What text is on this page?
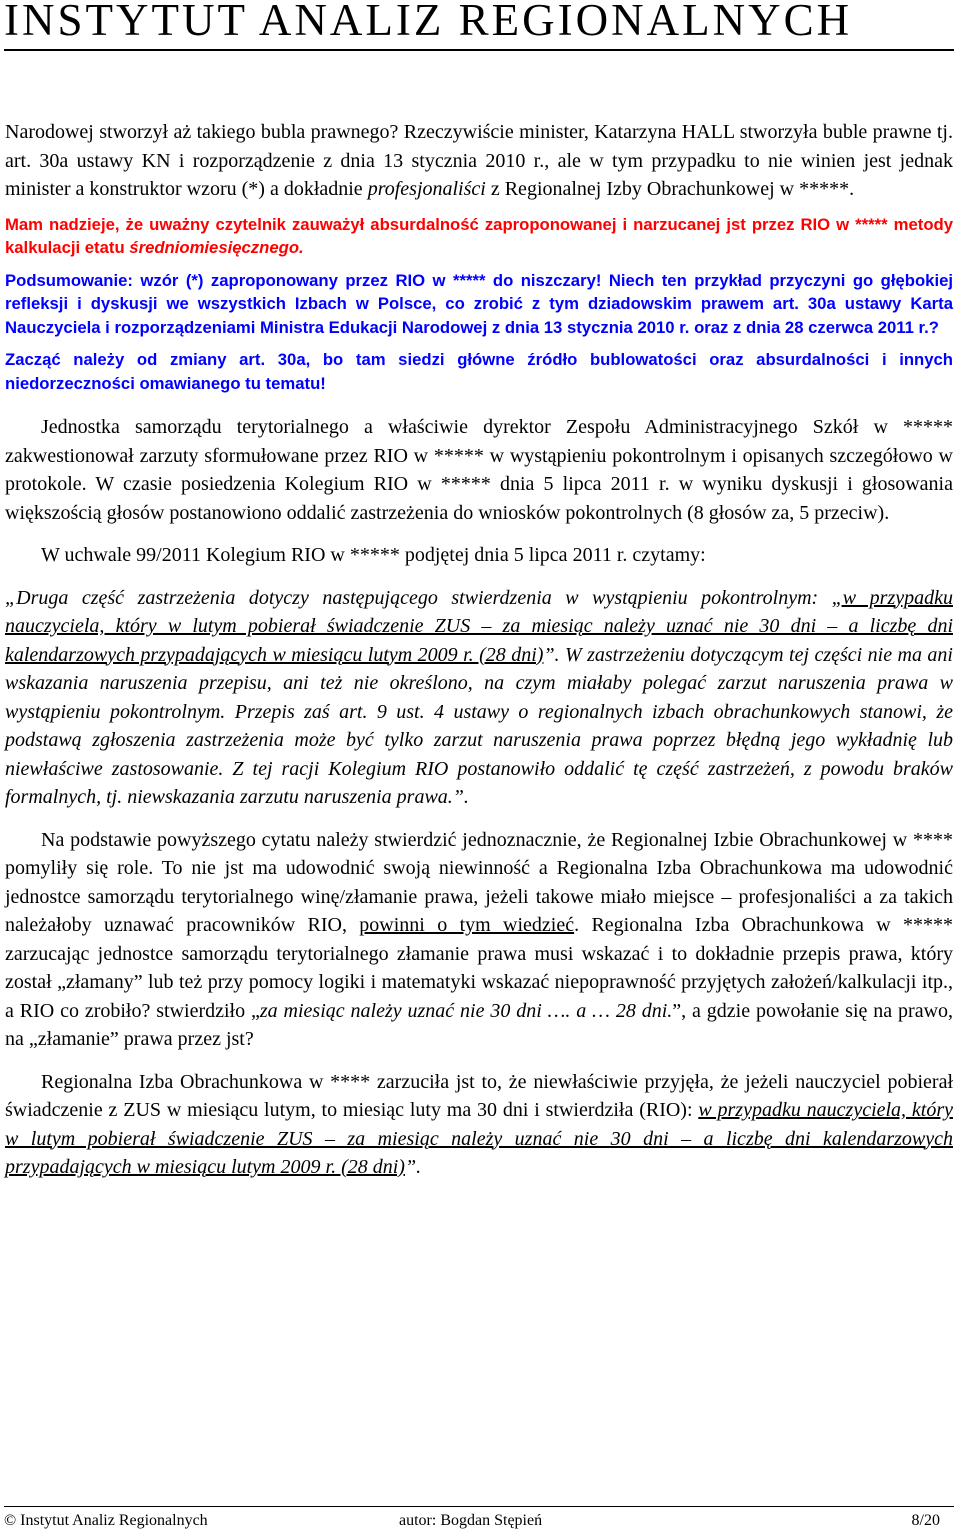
INSTYTUT ANALIZ REGIONALNYCH

Narodowej stworzył aż takiego bubla prawnego? Rzeczywiście minister, Katarzyna HALL stworzyła buble prawne tj. art. 30a ustawy KN i rozporządzenie z dnia 13 stycznia 2010 r., ale w tym przypadku to nie winien jest jednak minister a konstruktor wzoru (*) a dokładnie profesjonaliści z Regionalnej Izby Obrachunkowej w *****.

Mam nadzieje, że uważny czytelnik zauważył absurdalność zaproponowanej i narzucanej jst przez RIO w ***** metody kalkulacji etatu średniomiesięcznego.

Podsumowanie: wzór (*) zaproponowany przez RIO w ***** do niszczary! Niech ten przykład przyczyni go głębokiej refleksji i dyskusji we wszystkich Izbach w Polsce, co zrobić z tym dziadowskim prawem art. 30a ustawy Karta Nauczyciela i rozporządzeniami Ministra Edukacji Narodowej z dnia 13 stycznia 2010 r. oraz z dnia 28 czerwca 2011 r.?

Zacząć należy od zmiany art. 30a, bo tam siedzi główne źródło bublowatości oraz absurdalności i innych niedorzeczności omawianego tu tematu!

Jednostka samorządu terytorialnego a właściwie dyrektor Zespołu Administracyjnego Szkół w ***** zakwestionował zarzuty sformułowane przez RIO w ***** w wystąpieniu pokontrolnym i opisanych szczegółowo w protokole. W czasie posiedzenia Kolegium RIO w ***** dnia 5 lipca 2011 r. w wyniku dyskusji i głosowania większością głosów postanowiono oddalić zastrzeżenia do wniosków pokontrolnych (8 głosów za, 5 przeciw).

W uchwale 99/2011 Kolegium RIO w ***** podjętej dnia 5 lipca 2011 r. czytamy:

„Druga część zastrzeżenia dotyczy następującego stwierdzenia w wystąpieniu pokontrolnym: „w przypadku nauczyciela, który w lutym pobierał świadczenie ZUS – za miesiąc należy uznać nie 30 dni – a liczbę dni kalendarzowych przypadających w miesiącu lutym 2009 r. (28 dni)”. W zastrzeżeniu dotyczącym tej części nie ma ani wskazania naruszenia przepisu, ani też nie określono, na czym miałaby polegać zarzut naruszenia prawa w wystąpieniu pokontrolnym. Przepis zaś art. 9 ust. 4 ustawy o regionalnych izbach obrachunkowych stanowi, że podstawą zgłoszenia zastrzeżenia może być tylko zarzut naruszenia prawa poprzez błędną jego wykładnię lub niewłaściwe zastosowanie. Z tej racji Kolegium RIO postanowiło oddalić tę część zastrzeżeń, z powodu braków formalnych, tj. niewskazania zarzutu naruszenia prawa.”.

Na podstawie powyższego cytatu należy stwierdzić jednoznacznie, że Regionalnej Izbie Obrachunkowej w **** pomyliły się role. To nie jst ma udowodnić swoją niewinność a Regionalna Izba Obrachunkowa ma udowodnić jednostce samorządu terytorialnego winę/złamanie prawa, jeżeli takowe miało miejsce – profesjonaliści a za takich należałoby uznawać pracowników RIO, powinni o tym wiedzieć. Regionalna Izba Obrachunkowa w ***** zarzucając jednostce samorządu terytorialnego złamanie prawa musi wskazać i to dokładnie przepis prawa, który został „złamany” lub też przy pomocy logiki i matematyki wskazać niepoprawność przyjętych założeń/kalkulacji itp., a RIO co zrobiło? stwierdziło „za miesiąc należy uznać nie 30 dni …. a … 28 dni.”, a gdzie powołanie się na prawo, na „złamanie” prawa przez jst?

Regionalna Izba Obrachunkowa w **** zarzuciła jst to, że niewłaściwie przyjęła, że jeżeli nauczyciel pobierał świadczenie z ZUS w miesiącu lutym, to miesiąc luty ma 30 dni i stwierdziła (RIO): w przypadku nauczyciela, który w lutym pobierał świadczenie ZUS – za miesiąc należy uznać nie 30 dni – a liczbę dni kalendarzowych przypadających w miesiącu lutym 2009 r. (28 dni)”.

© Instytut Analiz Regionalnych	autor: Bogdan Stępień	8/20
